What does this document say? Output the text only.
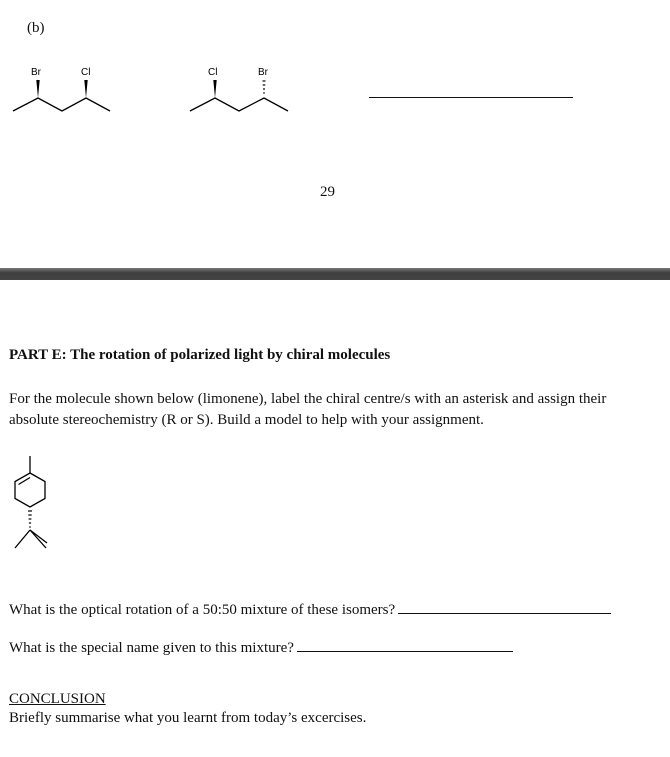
(b)
Br	Cl	Cl	Br
29
PART E: The rotation of polarized light by chiral molecules
For the molecule shown below (limonene), label the chiral centre/s with an asterisk and assign their absolute stereochemistry (R or S). Build a model to help with your assignment.
What is the optical rotation of a 50:50 mixture of these isomers?
What is the special name given to this mixture?
CONCLUSION
Briefly summarise what you learnt from today’s excercises.
